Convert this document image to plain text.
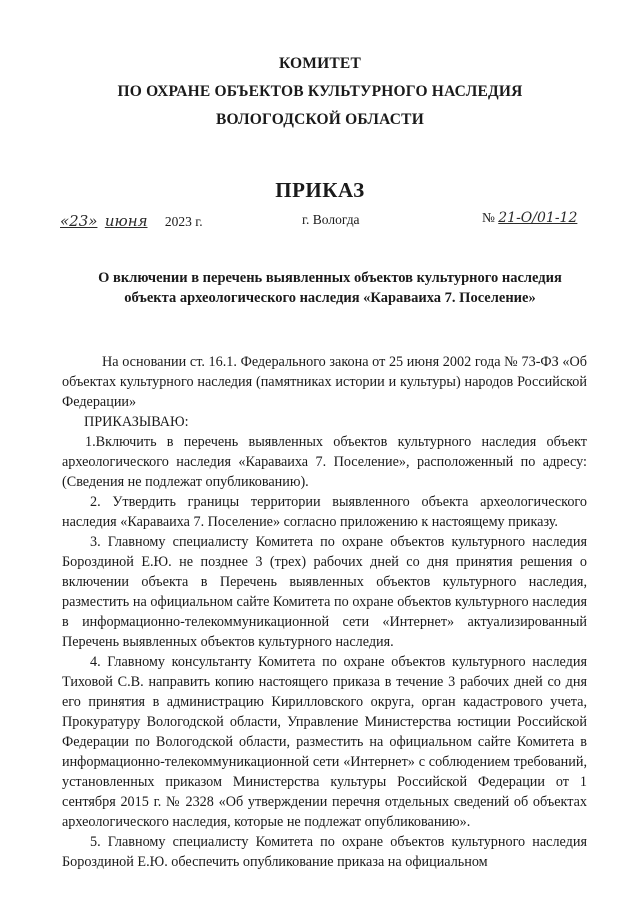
КОМИТЕТ
ПО ОХРАНЕ ОБЪЕКТОВ КУЛЬТУРНОГО НАСЛЕДИЯ
ВОЛОГОДСКОЙ ОБЛАСТИ
ПРИКАЗ
«23» июня 2023 г.	г. Вологда	№ 21-О/01-12
О включении в перечень выявленных объектов культурного наследия
объекта археологического наследия «Караваиха 7. Поселение»

На основании ст. 16.1. Федерального закона от 25 июня 2002 года № 73-ФЗ «Об объектах культурного наследия (памятниках истории и культуры) народов Российской Федерации»

ПРИКАЗЫВАЮ:

1.Включить в перечень выявленных объектов культурного наследия объект археологического наследия «Караваиха 7. Поселение», расположенный по адресу: (Сведения не подлежат опубликованию).

2. Утвердить границы территории выявленного объекта археологического наследия «Караваиха 7. Поселение» согласно приложению к настоящему приказу.

3. Главному специалисту Комитета по охране объектов культурного наследия Бороздиной Е.Ю. не позднее 3 (трех) рабочих дней со дня принятия решения о включении объекта в Перечень выявленных объектов культурного наследия, разместить на официальном сайте Комитета по охране объектов культурного наследия в информационно-телекоммуникационной сети «Интернет» актуализированный Перечень выявленных объектов культурного наследия.

4. Главному консультанту Комитета по охране объектов культурного наследия Тиховой С.В. направить копию настоящего приказа в течение 3 рабочих дней со дня его принятия в администрацию Кирилловского округа, орган кадастрового учета, Прокуратуру Вологодской области, Управление Министерства юстиции Российской Федерации по Вологодской области, разместить на официальном сайте Комитета в информационно-телекоммуникационной сети «Интернет» с соблюдением требований, установленных приказом Министерства культуры Российской Федерации от 1 сентября 2015 г. № 2328 «Об утверждении перечня отдельных сведений об объектах археологического наследия, которые не подлежат опубликованию».

5. Главному специалисту Комитета по охране объектов культурного наследия Бороздиной Е.Ю. обеспечить опубликование приказа на официальном
